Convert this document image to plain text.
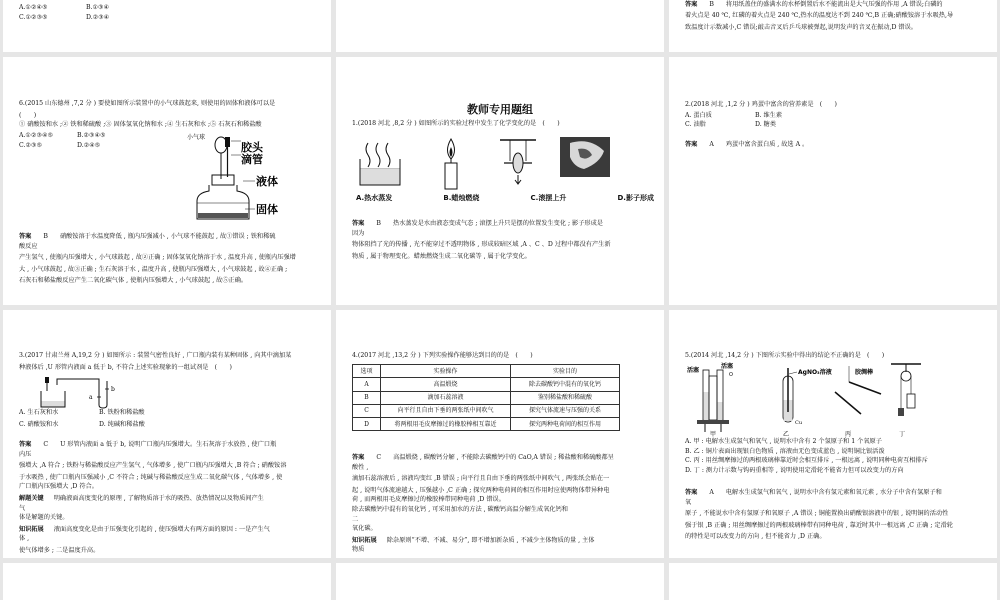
A.①②④⑤	B.①③④
C.①②③⑤	D.②③④
答案 B 将用纸盖住的盛满水的水杯倒置后水不能流出是大气压强的作用 ,A 错误;白磷的
着火点是 40 ℃, 红磷的着火点是 240 ℃,热水的温度达不到 240 ℃,B 正确;硝酸铵溶于水吸热,导
致温度计示数减小,C 错误;敲击音叉后乒乓球被弹起,说明发声的音叉在振动,D 错误。
6.(2015 山东德州 ,7,2 分 ) 要使如图所示装置中的小气球鼓起来, 则使用的固体和液体可以是
(　　)
① 硝酸铵和水 ;② 铁和稀硫酸 ;③ 固体氢氧化钠和水 ;④ 生石灰和水 ;⑤ 石灰石和稀盐酸
A.①②③④⑤	B.②③④⑤
C.②③⑤	D.②④⑤
小气球
胶头
滴管
液体
固体
答案 B 硝酸铵溶于水温度降低 , 瓶内压强减小 , 小气球不能鼓起 , 故①错误 ; 铁和稀硫
酸反应
产生氢气 , 使瓶内压强增大 , 小气球鼓起 , 故②正确 ; 固体氢氧化钠溶于水 , 温度升高 , 使瓶内压强增
大 , 小气球鼓起 , 故③正确 ; 生石灰溶于水 , 温度升高 , 使瓶内压强增大 , 小气球鼓起 , 故④正确 ;
石灰石和稀盐酸反应产生二氧化碳气体 , 使瓶内压强增大 , 小气球鼓起 , 故⑤正确。
教师专用题组
1.(2018 河北 ,8,2 分 ) 如图所示的实验过程中发生了化学变化的是　(　　)
A.热水蒸发	B.蜡烛燃烧	C.滚摆上升	D.影子形成
答案 B 热水蒸发是水由液态变成气态 ; 滚摆上升只是摆的位置发生变化 ; 影子形成是
因为
物体阻挡了光的传播 , 光不能穿过不透明物体 , 形成较暗区域 ,A 、C 、D 过程中都没有产生新
物质 , 属于物理变化。蜡烛燃烧生成二氧化碳等 , 属于化学变化。
2.(2018 河北 ,1,2 分 ) 鸡蛋中富含的营养素是　(　　)
A. 蛋白质	B. 维生素
C. 油脂	D. 糖类
答案 A 鸡蛋中富含蛋白质 , 故选 A 。
3.(2017 甘肃兰州 A,19,2 分 ) 如图所示 : 装置气密性良好 , 广口瓶内装有某种固体 , 向其中滴加某
种液体后 ,U 形管内液面 a 低于 b, 不符合上述实验现象的一组试剂是　(　　)
a
b
A. 生石灰和水	B. 铁粉和稀盐酸
C. 硝酸铵和水	D. 纯碱和稀盐酸
答案 C U 形管内液面 a 低于 b, 说明广口瓶内压强增大。生石灰溶于水放热 , 使广口瓶
内压
强增大 ,A 符合 ; 铁粉与稀盐酸反应产生氢气 , 气体增多 , 使广口瓶内压强增大 ,B 符合 ; 硝酸铵溶
于水吸热 , 使广口瓶内压强减小 ,C 不符合 ; 纯碱与稀盐酸反应生成二氧化碳气体 , 气体增多 , 使
广口瓶内压强增大 ,D 符合。
解题关键 明确液面高度变化的原理 , 了解物质溶于水的吸热、放热情况以及物质间产生
气
体是解题的关键。
知识拓展 液面高度变化是由于压强变化引起的 , 使压强增大有两方面的原因 : 一是产生气
体 ,
使气体增多 ; 二是温度升高。
4.(2017 河北 ,13,2 分 ) 下列实验操作能够达到目的的是　(　　)
选项	实验操作	实验目的
A	高温煅烧	除去碳酸钙中混有的氧化钙
B	滴加石蕊溶液	鉴别稀盐酸和稀硫酸
C	向平行且自由下垂的两张纸中间吹气	探究气体流速与压强的关系
D	将两根用毛皮摩擦过的橡胶棒相互靠近	探究两种电荷间的相互作用
答案 C 高温煅烧 , 碳酸钙分解 , 不能除去碳酸钙中的 CaO,A 错误 ; 稀盐酸和稀硫酸都呈
酸性 ,
滴加石蕊溶液后 , 溶液均变红 ,B 错误 ; 向平行且自由下垂的两张纸中间吹气 , 两张纸会贴在一
起 , 说明气体流速越大 , 压强越小 ,C 正确 ; 探究两种电荷间的相互作用时应使两物体带异种电
荷 , 而两根用毛皮摩擦过的橡胶棒带同种电荷 ,D 错误。
除去碳酸钙中混有的氧化钙 , 可采用加水的方法 , 碳酸钙高温分解生成氧化钙和
二
氧化碳。
知识拓展 除杂原则“不增、不减、易分”, 即不增加新杂质 , 不减少主体物质的量 , 主体
物质
5.(2014 河北 ,14,2 分 ) 下图所示实验中得出的结论不正确的是　(　　)
活塞
活塞
O
甲
AgNO₃溶液
Cu
乙
胶绸棒
丙	丁
A. 甲 : 电解水生成氢气和氧气 , 说明水中含有 2 个氢原子和 1 个氧原子
B. 乙 : 铜片表面出现银白色物质 , 溶液由无色变成蓝色 , 说明铜比银活泼
C. 丙 : 用丝绸摩擦过的两根玻璃棒靠近时会相互排斥 , 一根远离 , 说明同种电荷互相排斥
D. 丁 : 测力计示数与钩码重相等 , 说明使用定滑轮不能省力但可以改变力的方向
答案 A 电解水生成氢气和氧气 , 说明水中含有氢元素和氧元素 , 水分子中含有氢原子和
氧
原子 , 不能说水中含有氢原子和氧原子 ,A 错误 ; 铜能置换出硝酸银溶液中的银 , 说明铜的活动性
强于银 ,B 正确 ; 用丝绸摩擦过的两根玻璃棒带有同种电荷 , 靠近时其中一根远离 ,C 正确 ; 定滑轮
的特性是可以改变力的方向 , 但不能省力 ,D 正确。
